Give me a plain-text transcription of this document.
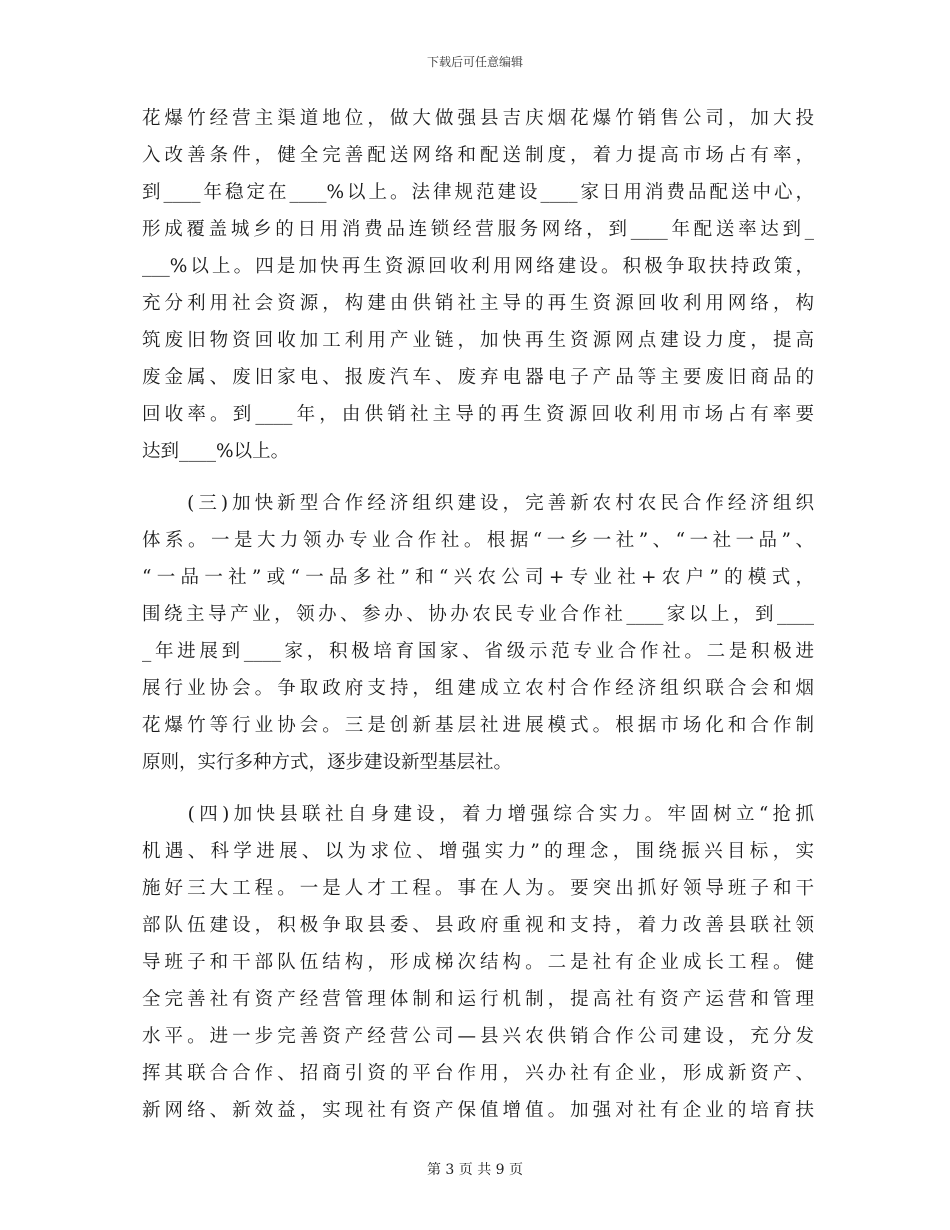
下载后可任意编辑
花爆竹经营主渠道地位，做大做强县吉庆烟花爆竹销售公司，加大投
入改善条件，健全完善配送网络和配送制度，着力提高市场占有率，
到____年稳定在____%以上。法律规范建设____家日用消费品配送中心，
形成覆盖城乡的日用消费品连锁经营服务网络，到____年配送率达到_
___%以上。四是加快再生资源回收利用网络建设。积极争取扶持政策，
充分利用社会资源，构建由供销社主导的再生资源回收利用网络，构
筑废旧物资回收加工利用产业链，加快再生资源网点建设力度，提高
废金属、废旧家电、报废汽车、废弃电器电子产品等主要废旧商品的
回收率。到____年，由供销社主导的再生资源回收利用市场占有率要
达到____%以上。
　　(三)加快新型合作经济组织建设，完善新农村农民合作经济组织
体系。一是大力领办专业合作社。根据“一乡一社”、“一社一品”、
“一品一社”或“一品多社”和“兴农公司+专业社+农户”的模式，
围绕主导产业，领办、参办、协办农民专业合作社____家以上，到____
_年进展到____家，积极培育国家、省级示范专业合作社。二是积极进
展行业协会。争取政府支持，组建成立农村合作经济组织联合会和烟
花爆竹等行业协会。三是创新基层社进展模式。根据市场化和合作制
原则，实行多种方式，逐步建设新型基层社。
　　(四)加快县联社自身建设，着力增强综合实力。牢固树立“抢抓
机遇、科学进展、以为求位、增强实力”的理念，围绕振兴目标，实
施好三大工程。一是人才工程。事在人为。要突出抓好领导班子和干
部队伍建设，积极争取县委、县政府重视和支持，着力改善县联社领
导班子和干部队伍结构，形成梯次结构。二是社有企业成长工程。健
全完善社有资产经营管理体制和运行机制，提高社有资产运营和管理
水平。进一步完善资产经营公司—县兴农供销合作公司建设，充分发
挥其联合合作、招商引资的平台作用，兴办社有企业，形成新资产、
新网络、新效益，实现社有资产保值增值。加强对社有企业的培育扶
第 3 页 共 9 页
